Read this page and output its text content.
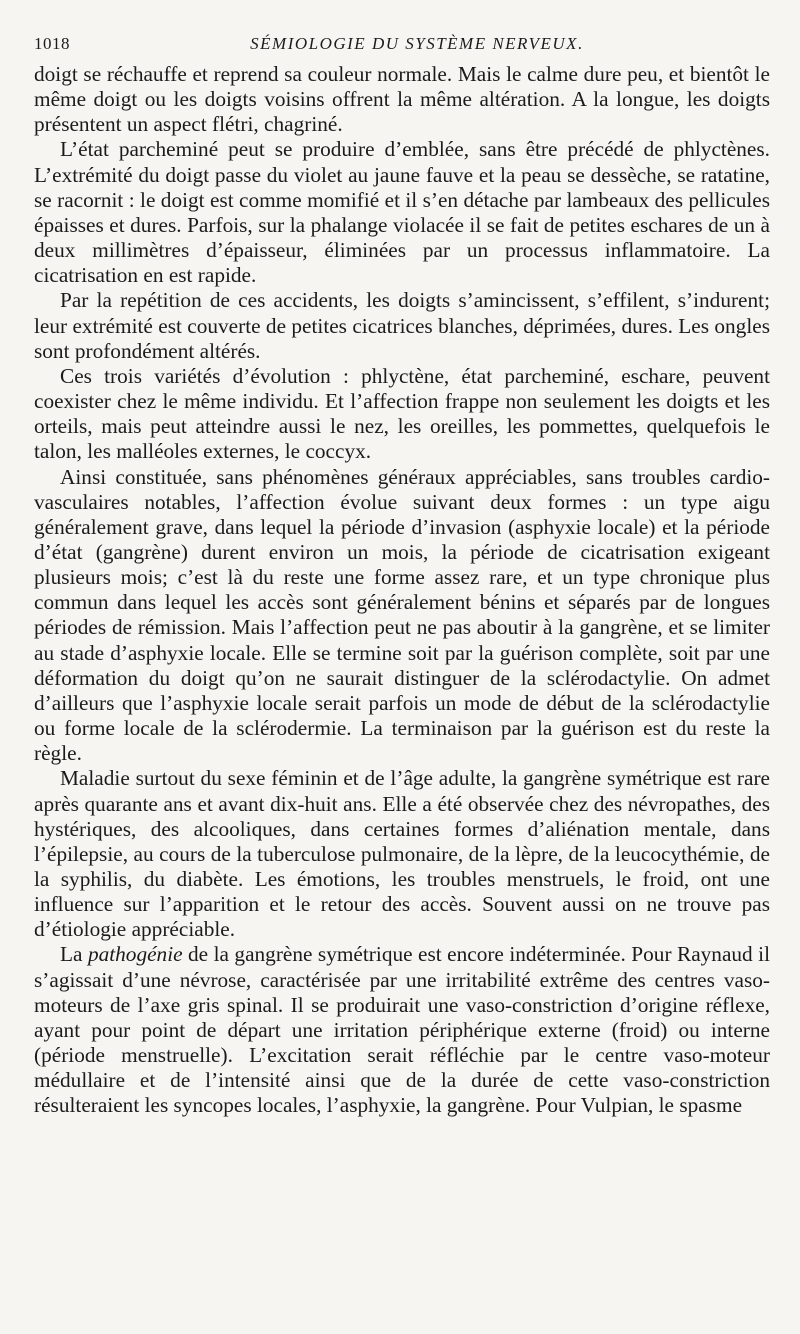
1018	SÉMIOLOGIE DU SYSTÈME NERVEUX.

doigt se réchauffe et reprend sa couleur normale. Mais le calme dure peu, et bientôt le même doigt ou les doigts voisins offrent la même altération. A la longue, les doigts présentent un aspect flétri, chagriné.

L’état parcheminé peut se produire d’emblée, sans être précédé de phlyctènes. L’extrémité du doigt passe du violet au jaune fauve et la peau se dessèche, se ratatine, se racornit : le doigt est comme momifié et il s’en détache par lambeaux des pellicules épaisses et dures. Parfois, sur la phalange violacée il se fait de petites eschares de un à deux millimètres d’épaisseur, éliminées par un processus inflammatoire. La cicatrisation en est rapide.

Par la repétition de ces accidents, les doigts s’amincissent, s’effilent, s’indurent; leur extrémité est couverte de petites cicatrices blanches, déprimées, dures. Les ongles sont profondément altérés.

Ces trois variétés d’évolution : phlyctène, état parcheminé, eschare, peuvent coexister chez le même individu. Et l’affection frappe non seulement les doigts et les orteils, mais peut atteindre aussi le nez, les oreilles, les pommettes, quelquefois le talon, les malléoles externes, le coccyx.

Ainsi constituée, sans phénomènes généraux appréciables, sans troubles cardio-vasculaires notables, l’affection évolue suivant deux formes : un type aigu généralement grave, dans lequel la période d’invasion (asphyxie locale) et la période d’état (gangrène) durent environ un mois, la période de cicatrisation exigeant plusieurs mois; c’est là du reste une forme assez rare, et un type chronique plus commun dans lequel les accès sont généralement bénins et séparés par de longues périodes de rémission. Mais l’affection peut ne pas aboutir à la gangrène, et se limiter au stade d’asphyxie locale. Elle se termine soit par la guérison complète, soit par une déformation du doigt qu’on ne saurait distinguer de la sclérodactylie. On admet d’ailleurs que l’asphyxie locale serait parfois un mode de début de la sclérodactylie ou forme locale de la sclérodermie. La terminaison par la guérison est du reste la règle.

Maladie surtout du sexe féminin et de l’âge adulte, la gangrène symétrique est rare après quarante ans et avant dix-huit ans. Elle a été observée chez des névropathes, des hystériques, des alcooliques, dans certaines formes d’aliénation mentale, dans l’épilepsie, au cours de la tuberculose pulmonaire, de la lèpre, de la leucocythémie, de la syphilis, du diabète. Les émotions, les troubles menstruels, le froid, ont une influence sur l’apparition et le retour des accès. Souvent aussi on ne trouve pas d’étiologie appréciable.

La pathogénie de la gangrène symétrique est encore indéterminée. Pour Raynaud il s’agissait d’une névrose, caractérisée par une irritabilité extrême des centres vaso-moteurs de l’axe gris spinal. Il se produirait une vaso-constriction d’origine réflexe, ayant pour point de départ une irritation périphérique externe (froid) ou interne (période menstruelle). L’excitation serait réfléchie par le centre vaso-moteur médullaire et de l’intensité ainsi que de la durée de cette vaso-constriction résulteraient les syncopes locales, l’asphyxie, la gangrène. Pour Vulpian, le spasme
